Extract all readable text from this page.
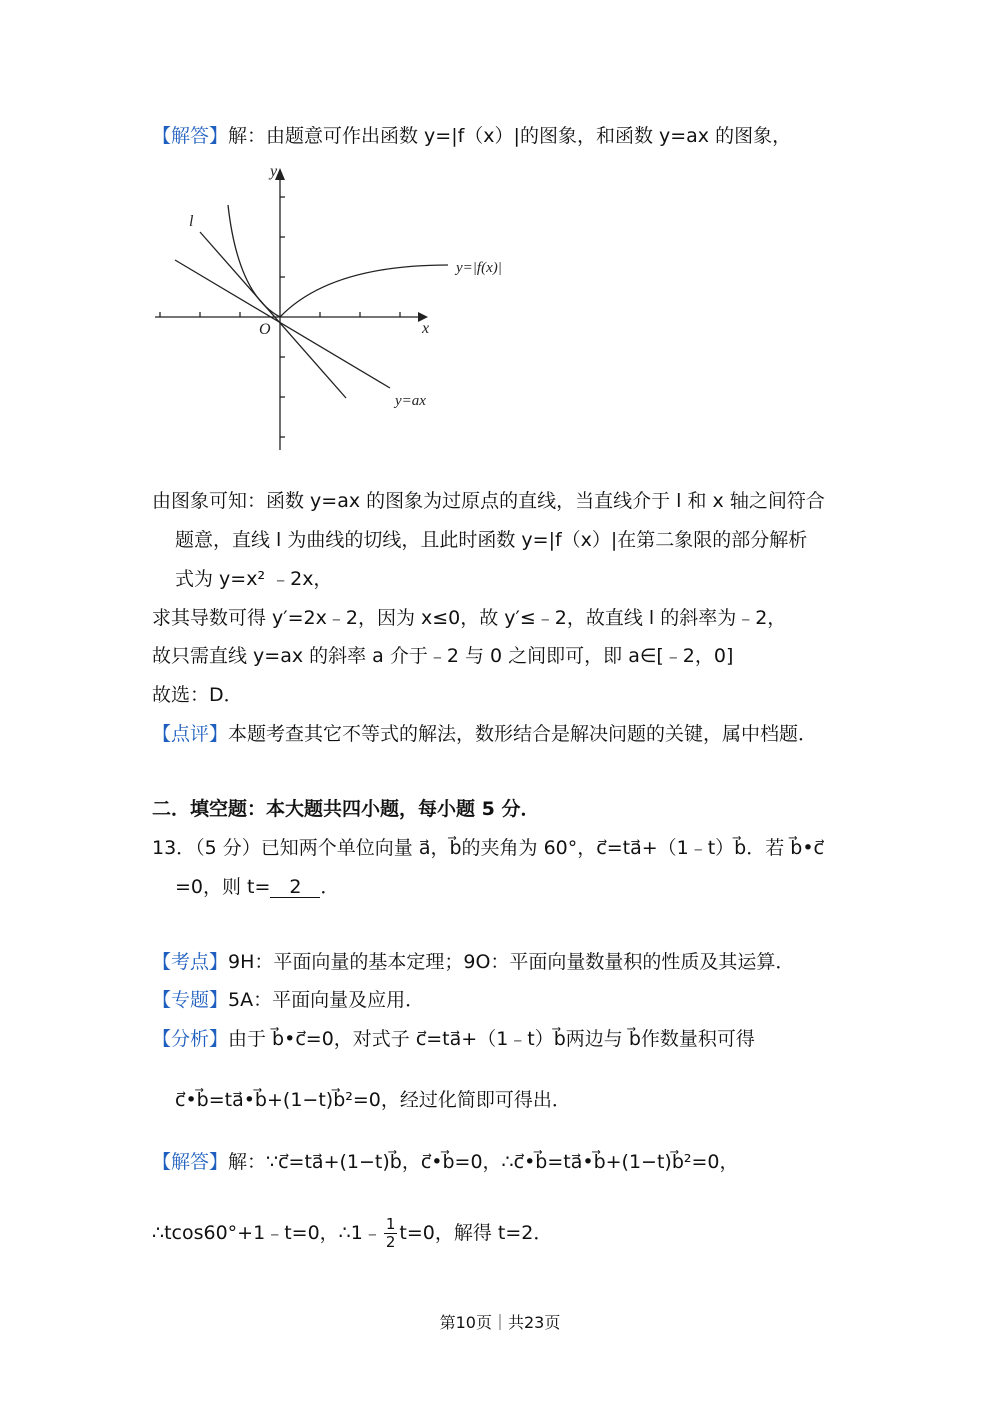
【解答】解：由题意可作出函数 y=|f（x）|的图象，和函数 y=ax 的图象，
y
x
O
l
y=|f(x)|
y=ax
由图象可知：函数 y=ax 的图象为过原点的直线，当直线介于 l 和 x 轴之间符合
题意，直线 l 为曲线的切线，且此时函数 y=|f（x）|在第二象限的部分解析
式为 y=x² ﹣2x，
求其导数可得 y′=2x﹣2，因为 x≤0，故 y′≤﹣2，故直线 l 的斜率为﹣2，
故只需直线 y=ax 的斜率 a 介于﹣2 与 0 之间即可，即 a∈[﹣2，0]
故选：D．
【点评】本题考查其它不等式的解法，数形结合是解决问题的关键，属中档题．
二．填空题：本大题共四小题，每小题 5 分．
13．（5 分）已知两个单位向量 a⃗，b⃗的夹角为 60°，c⃗=ta⃗+（1﹣t）b⃗．若 b⃗•c⃗
=0，则 t= 2 ．
【考点】9H：平面向量的基本定理；9O：平面向量数量积的性质及其运算．
【专题】5A：平面向量及应用．
【分析】由于 b⃗•c⃗=0，对式子 c⃗=ta⃗+（1﹣t）b⃗两边与 b⃗作数量积可得
c⃗•b⃗=ta⃗•b⃗+(1−t)b⃗²=0，经过化简即可得出．
【解答】解：∵c⃗=ta⃗+(1−t)b⃗，c⃗•b⃗=0，∴c⃗•b⃗=ta⃗•b⃗+(1−t)b⃗²=0，
∴tcos60°+1﹣t=0，∴1﹣ $\frac{1}{2} t=0$，解得 t=2．
第10页｜共23页
